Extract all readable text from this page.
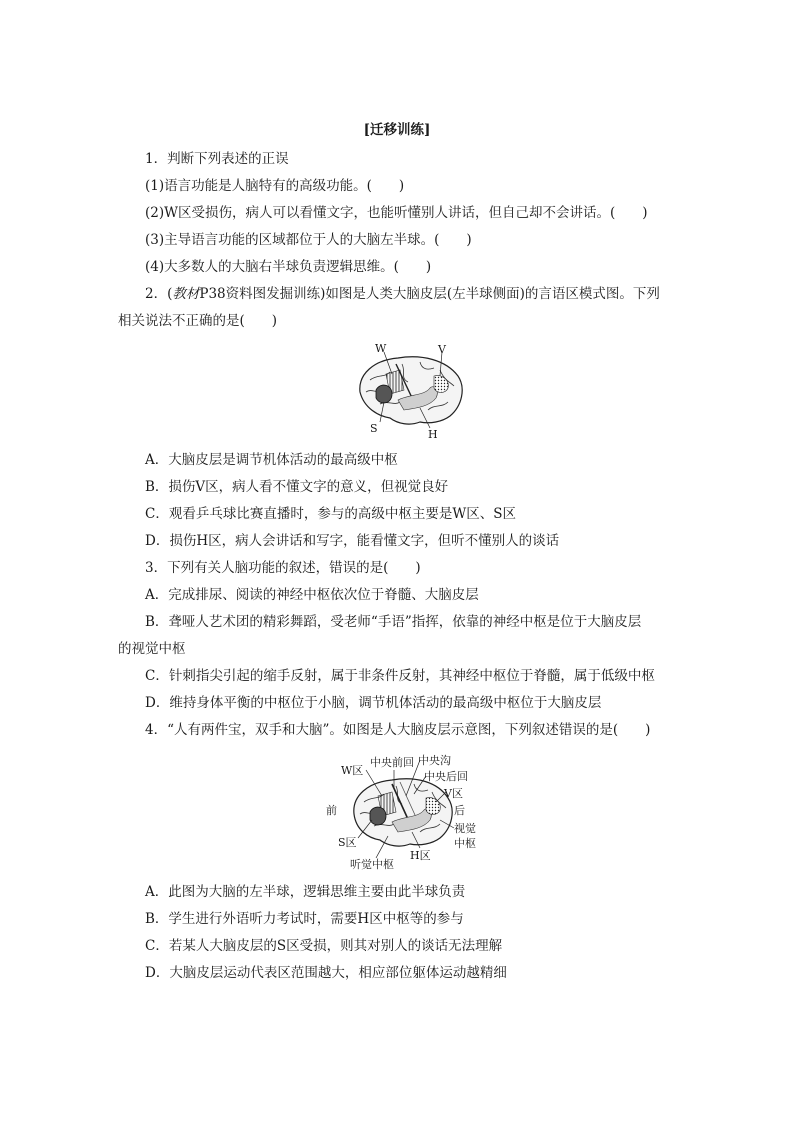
[迁移训练]
1．判断下列表述的正误
(1)语言功能是人脑特有的高级功能。(　　)
(2)W区受损伤，病人可以看懂文字，也能听懂别人讲话，但自己却不会讲话。(　　)
(3)主导语言功能的区域都位于人的大脑左半球。(　　)
(4)大多数人的大脑右半球负责逻辑思维。(　　)
2．(教材P38资料图发掘训练)如图是人类大脑皮层(左半球侧面)的言语区模式图。下列
相关说法不正确的是(　　)
W	V
S	H
A．大脑皮层是调节机体活动的最高级中枢
B．损伤V区，病人看不懂文字的意义，但视觉良好
C．观看乒乓球比赛直播时，参与的高级中枢主要是W区、S区
D．损伤H区，病人会讲话和写字，能看懂文字，但听不懂别人的谈话
3．下列有关人脑功能的叙述，错误的是(　　)
A．完成排尿、阅读的神经中枢依次位于脊髓、大脑皮层
B．聋哑人艺术团的精彩舞蹈，受老师“手语”指挥，依靠的神经中枢是位于大脑皮层
的视觉中枢
C．针刺指尖引起的缩手反射，属于非条件反射，其神经中枢位于脊髓，属于低级中枢
D．维持身体平衡的中枢位于小脑，调节机体活动的最高级中枢位于大脑皮层
4．“人有两件宝，双手和大脑”。如图是人大脑皮层示意图，下列叙述错误的是(　　)
W区
中央前回 中央沟
中央后回
V区
前	后
S区
视觉
中枢
H区
听觉中枢
A．此图为大脑的左半球，逻辑思维主要由此半球负责
B．学生进行外语听力考试时，需要H区中枢等的参与
C．若某人大脑皮层的S区受损，则其对别人的谈话无法理解
D．大脑皮层运动代表区范围越大，相应部位躯体运动越精细
